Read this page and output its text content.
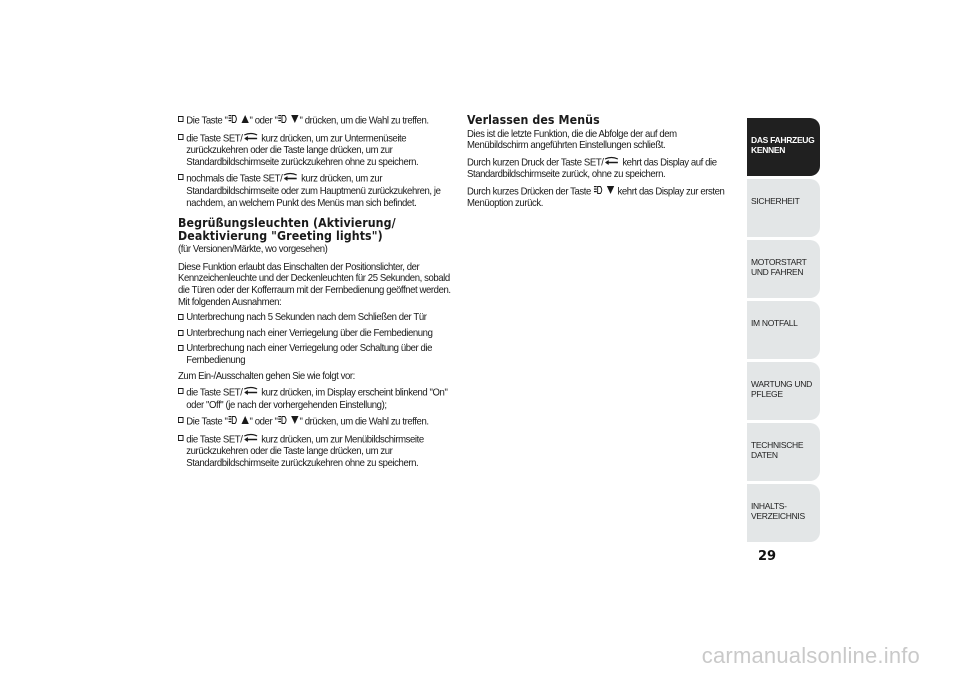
Die Taste " " oder " " drücken, um die Wahl zu treffen.
die Taste SET/ kurz drücken, um zur Untermenüseite zurückzukehren oder die Taste lange drücken, um zur Standardbildschirmseite zurückzukehren ohne zu speichern.
nochmals die Taste SET/ kurz drücken, um zur Standardbildschirmseite oder zum Hauptmenü zurückzukehren, je nachdem, an welchem Punkt des Menüs man sich befindet.
Begrüßungsleuchten (Aktivierung/ Deaktivierung "Greeting lights")
(für Versionen/Märkte, wo vorgesehen)
Diese Funktion erlaubt das Einschalten der Positionslichter, der Kennzeichenleuchte und der Deckenleuchten für 25 Sekunden, sobald die Türen oder der Kofferraum mit der Fernbedienung geöffnet werden. Mit folgenden Ausnahmen:
Unterbrechung nach 5 Sekunden nach dem Schließen der Tür
Unterbrechung nach einer Verriegelung über die Fernbedienung
Unterbrechung nach einer Verriegelung oder Schaltung über die Fernbedienung
Zum Ein-/Ausschalten gehen Sie wie folgt vor:
die Taste SET/ kurz drücken, im Display erscheint blinkend "On" oder "Off" (je nach der vorhergehenden Einstellung);
Die Taste " " oder " " drücken, um die Wahl zu treffen.
die Taste SET/ kurz drücken, um zur Menübildschirmseite zurückzukehren oder die Taste lange drücken, um zur Standardbildschirmseite zurückzukehren ohne zu speichern.
Verlassen des Menüs
Dies ist die letzte Funktion, die die Abfolge der auf dem Menübildschirm angeführten Einstellungen schließt.
Durch kurzen Druck der Taste SET/ kehrt das Display auf die Standardbildschirmseite zurück, ohne zu speichern.
Durch kurzes Drücken der Taste  kehrt das Display zur ersten Menüoption zurück.
DAS FAHRZEUG KENNEN
SICHERHEIT
MOTORSTART UND FAHREN
IM NOTFALL
WARTUNG UND PFLEGE
TECHNISCHE DATEN
INHALTS- VERZEICHNIS
29
carmanualsonline.info
